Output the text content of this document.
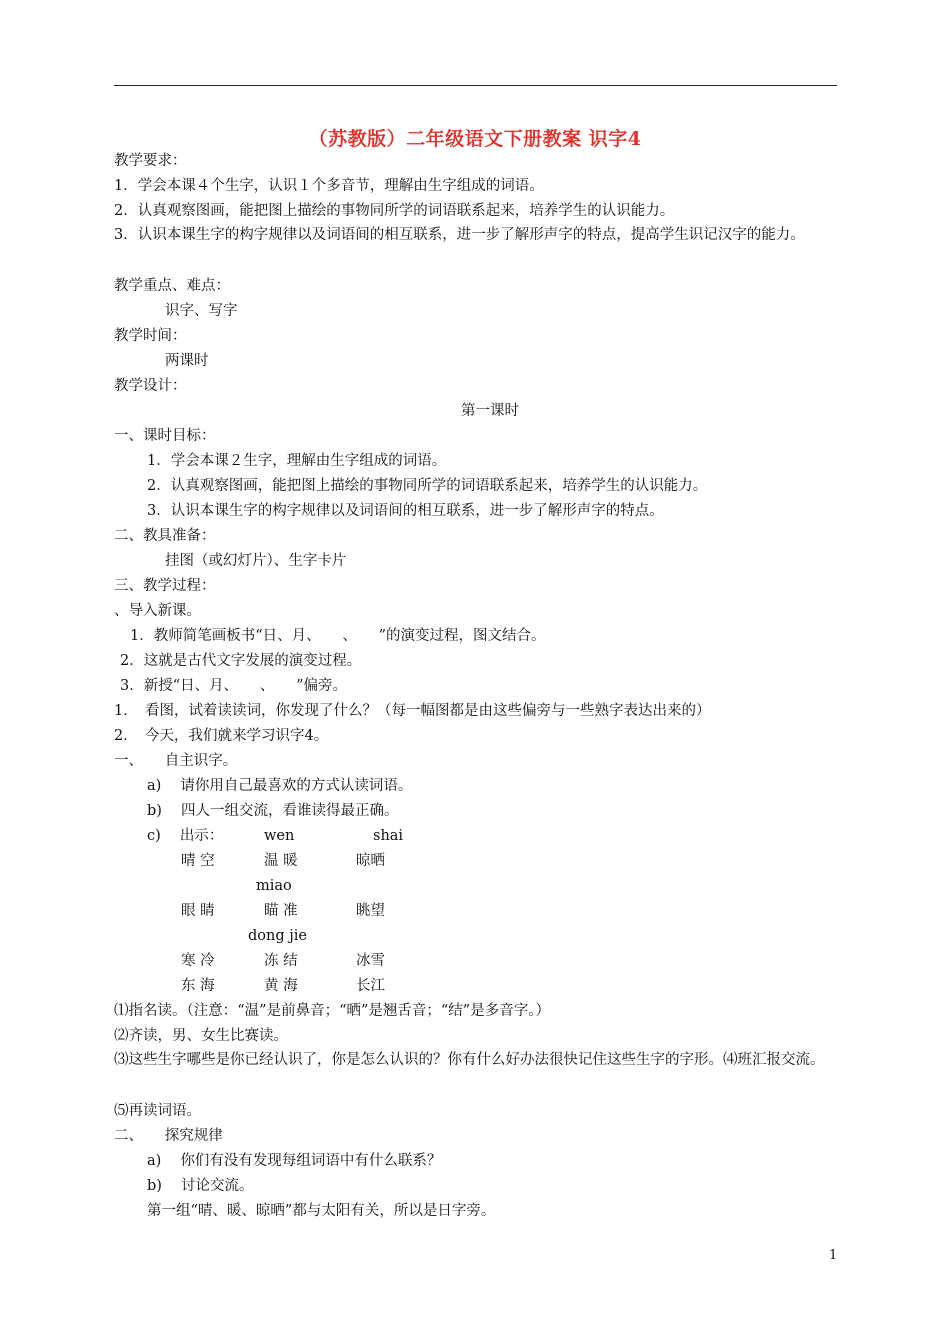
（苏教版）二年级语文下册教案 识字4
教学要求：
1．学会本课４个生字，认识１个多音节，理解由生字组成的词语。
2．认真观察图画，能把图上描绘的事物同所学的词语联系起来，培养学生的认识能力。
3．认识本课生字的构字规律以及词语间的相互联系，进一步了解形声字的特点，提高学生识记汉字的能力。
教学重点、难点：
识字、写字
教学时间：
两课时
教学设计：
第一课时
一、课时目标：
1．学会本课２生字，理解由生字组成的词语。
2．认真观察图画，能把图上描绘的事物同所学的词语联系起来，培养学生的认识能力。
3．认识本课生字的构字规律以及词语间的相互联系，进一步了解形声字的特点。
二、教具准备：
挂图（或幻灯片）、生字卡片
三、教学过程：
、导入新课。
1．教师简笔画板书“日、月、　　、　　”的演变过程，图文结合。
2．这就是古代文字发展的演变过程。
3．新授“日、月、　　、　　”偏旁。
1．　看图，试着读读词，你发现了什么？（每一幅图都是由这些偏旁与一些熟字表达出来的）
2．　今天，我们就来学习识字4。
一、　　自主识字。
a)　 请你用自己最喜欢的方式认读词语。
b)　 四人一组交流，看谁读得最正确。
c)　 出示：	wen	shai
晴 空	温 暖	晾晒
miao
眼 睛	瞄 准	眺望
dong jie
寒 冷	冻 结	冰雪
东 海	黄 海	长江
⑴指名读。（注意：“温”是前鼻音；“晒”是翘舌音；“结”是多音字。）
⑵齐读，男、女生比赛读。
⑶这些生字哪些是你已经认识了，你是怎么认识的？你有什么好办法很快记住这些生字的字形。⑷班汇报交流。
⑸再读词语。
二、　　探究规律
a)　 你们有没有发现每组词语中有什么联系？
b)　 讨论交流。
第一组“晴、暖、晾晒”都与太阳有关，所以是日字旁。
1
